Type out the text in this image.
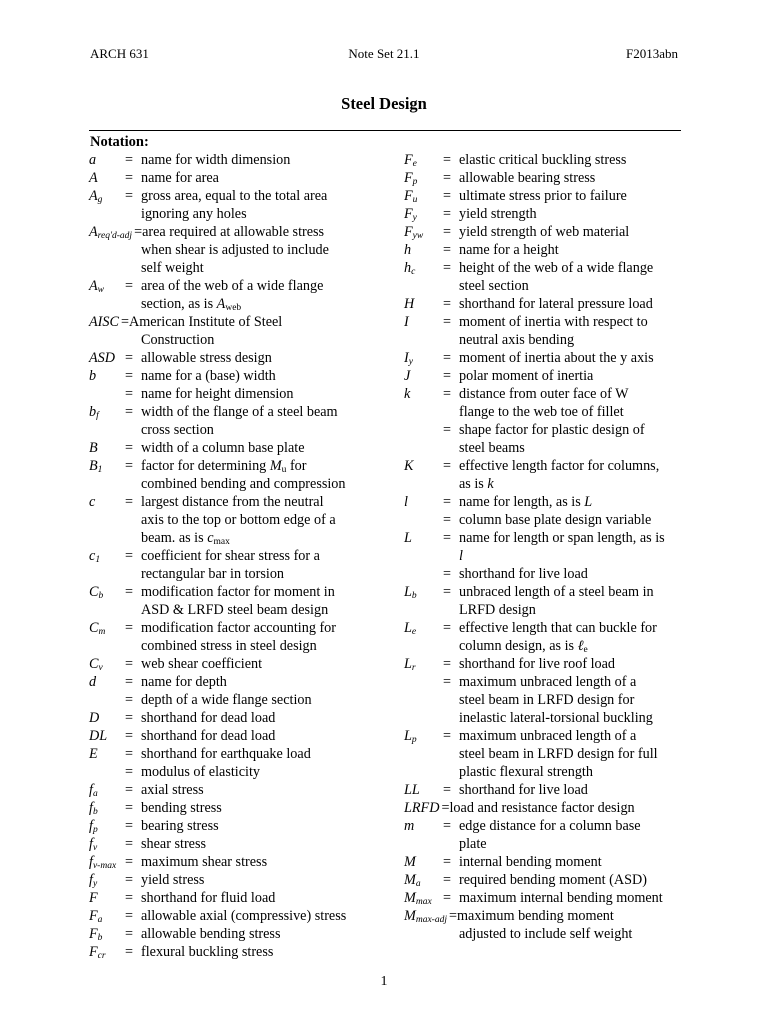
ARCH 631	Note Set 21.1	F2013abn
Steel Design
Notation:
a	= name for width dimension
A	= name for area
$A_g$	= gross area, equal to the total area
ignoring any holes
$A_{req'd-adj}$ = area required at allowable stress
when shear is adjusted to include
self weight
$A_w$	= area of the web of a wide flange
section, as is $A_{web}$
AISC = American Institute of Steel
Construction
ASD = allowable stress design
b	= name for a (base) width
= name for height dimension
$b_f$	= width of the flange of a steel beam
cross section
B	= width of a column base plate
$B_1$	= factor for determining $M_u$ for
combined bending and compression
c	= largest distance from the neutral
axis to the top or bottom edge of a
beam. as is $c_{max}$
$c_1$	= coefficient for shear stress for a
rectangular bar in torsion
$C_b$	= modification factor for moment in
ASD & LRFD steel beam design
$C_m$	= modification factor accounting for
combined stress in steel design
$C_v$	= web shear coefficient
d	= name for depth
= depth of a wide flange section
D	= shorthand for dead load
DL	= shorthand for dead load
E	= shorthand for earthquake load
= modulus of elasticity
$f_a$	= axial stress
$f_b$	= bending stress
$f_p$	= bearing stress
$f_v$	= shear stress
$f_{v-max}$ = maximum shear stress
$f_y$	= yield stress
F	= shorthand for fluid load
$F_a$	= allowable axial (compressive) stress
$F_b$	= allowable bending stress
$F_{cr}$	= flexural buckling stress
$F_e$	= elastic critical buckling stress
$F_p$	= allowable bearing stress
$F_u$	= ultimate stress prior to failure
$F_y$	= yield strength
$F_{yw}$	= yield strength of web material
h	= name for a height
$h_c$	= height of the web of a wide flange
steel section
H	= shorthand for lateral pressure load
I	= moment of inertia with respect to
neutral axis bending
$I_y$	= moment of inertia about the y axis
J	= polar moment of inertia
k	= distance from outer face of W
flange to the web toe of fillet
= shape factor for plastic design of
steel beams
K	= effective length factor for columns,
as is k
l	= name for length, as is L
= column base plate design variable
L	= name for length or span length, as is
l
= shorthand for live load
$L_b$	= unbraced length of a steel beam in
LRFD design
$L_e$	= effective length that can buckle for
column design, as is ℓ$_e$
$L_r$	= shorthand for live roof load
= maximum unbraced length of a
steel beam in LRFD design for
inelastic lateral-torsional buckling
$L_p$	= maximum unbraced length of a
steel beam in LRFD design for full
plastic flexural strength
LL	= shorthand for live load
LRFD = load and resistance factor design
m	= edge distance for a column base
plate
M	= internal bending moment
$M_a$	= required bending moment (ASD)
$M_{max}$ = maximum internal bending moment
$M_{max-adj}$ = maximum bending moment
adjusted to include self weight
1
